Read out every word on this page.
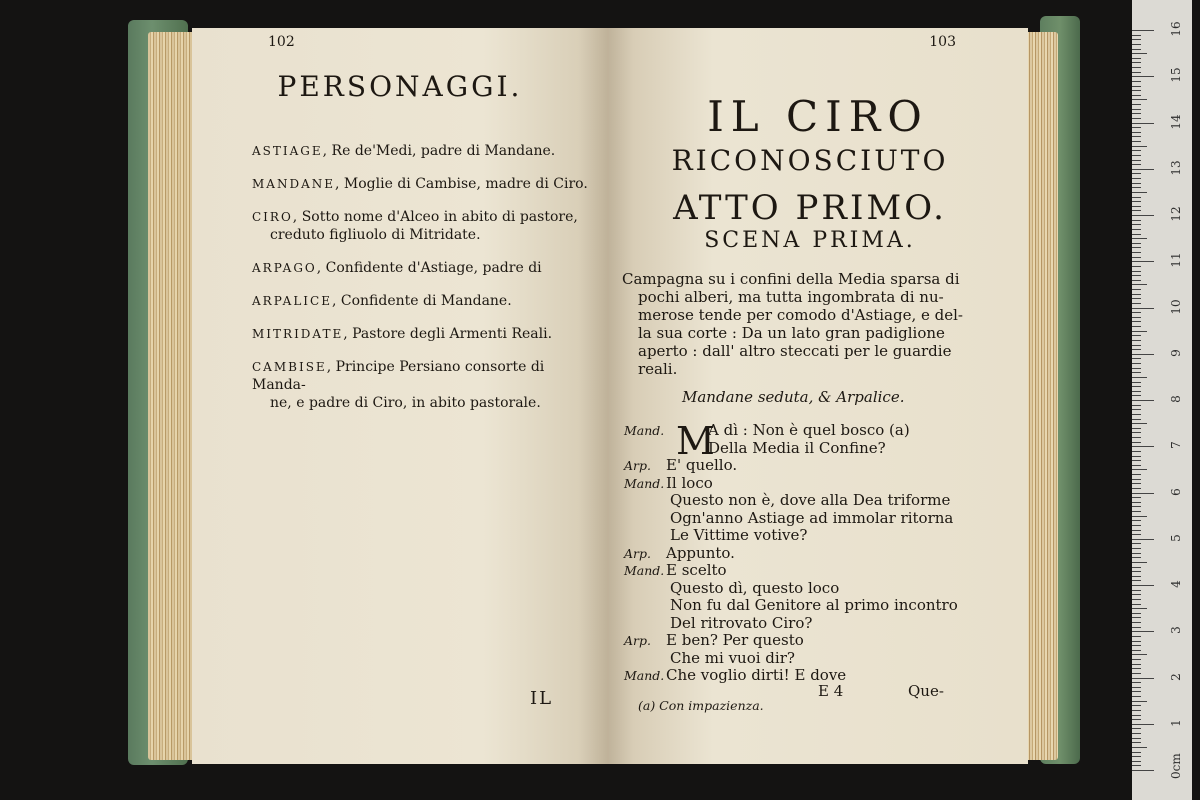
102
PERSONAGGI.
ASTIAGE, Re de'Medi, padre di Mandane.
MANDANE, Moglie di Cambise, madre di Ciro.
CIRO, Sotto nome d'Alceo in abito di pastore,
creduto figliuolo di Mitridate.
ARPAGO, Confidente d'Astiage, padre di
ARPALICE, Confidente di Mandane.
MITRIDATE, Pastore degli Armenti Reali.
CAMBISE, Principe Persiano consorte di Manda-
ne, e padre di Ciro, in abito pastorale.
IL
103
IL CIRO
RICONOSCIUTO
ATTO PRIMO.
SCENA PRIMA.
Campagna su i confini della Media sparsa di
pochi alberi, ma tutta ingombrata di nu-
merose tende per comodo d'Astiage, e del-
la sua corte : Da un lato gran padiglione
aperto : dall' altro steccati per le guardie
reali.
Mandane seduta, & Arpalice.
Mand. M
A dì : Non è quel bosco (a)
Della Media il Confine?
Arp. E' quello.
Mand. Il loco
Questo non è, dove alla Dea triforme
Ogn'anno Astiage ad immolar ritorna
Le Vittime votive?
Arp. Appunto.
Mand. E scelto
Questo dì, questo loco
Non fu dal Genitore al primo incontro
Del ritrovato Ciro?
Arp. E ben? Per questo
Che mi vuoi dir?
Mand. Che voglio dirti! E dove
E 4	Que-
(a) Con impazienza.
0cm
1
2
3
4
5
6
7
8
9
10
11
12
13
14
15
16
